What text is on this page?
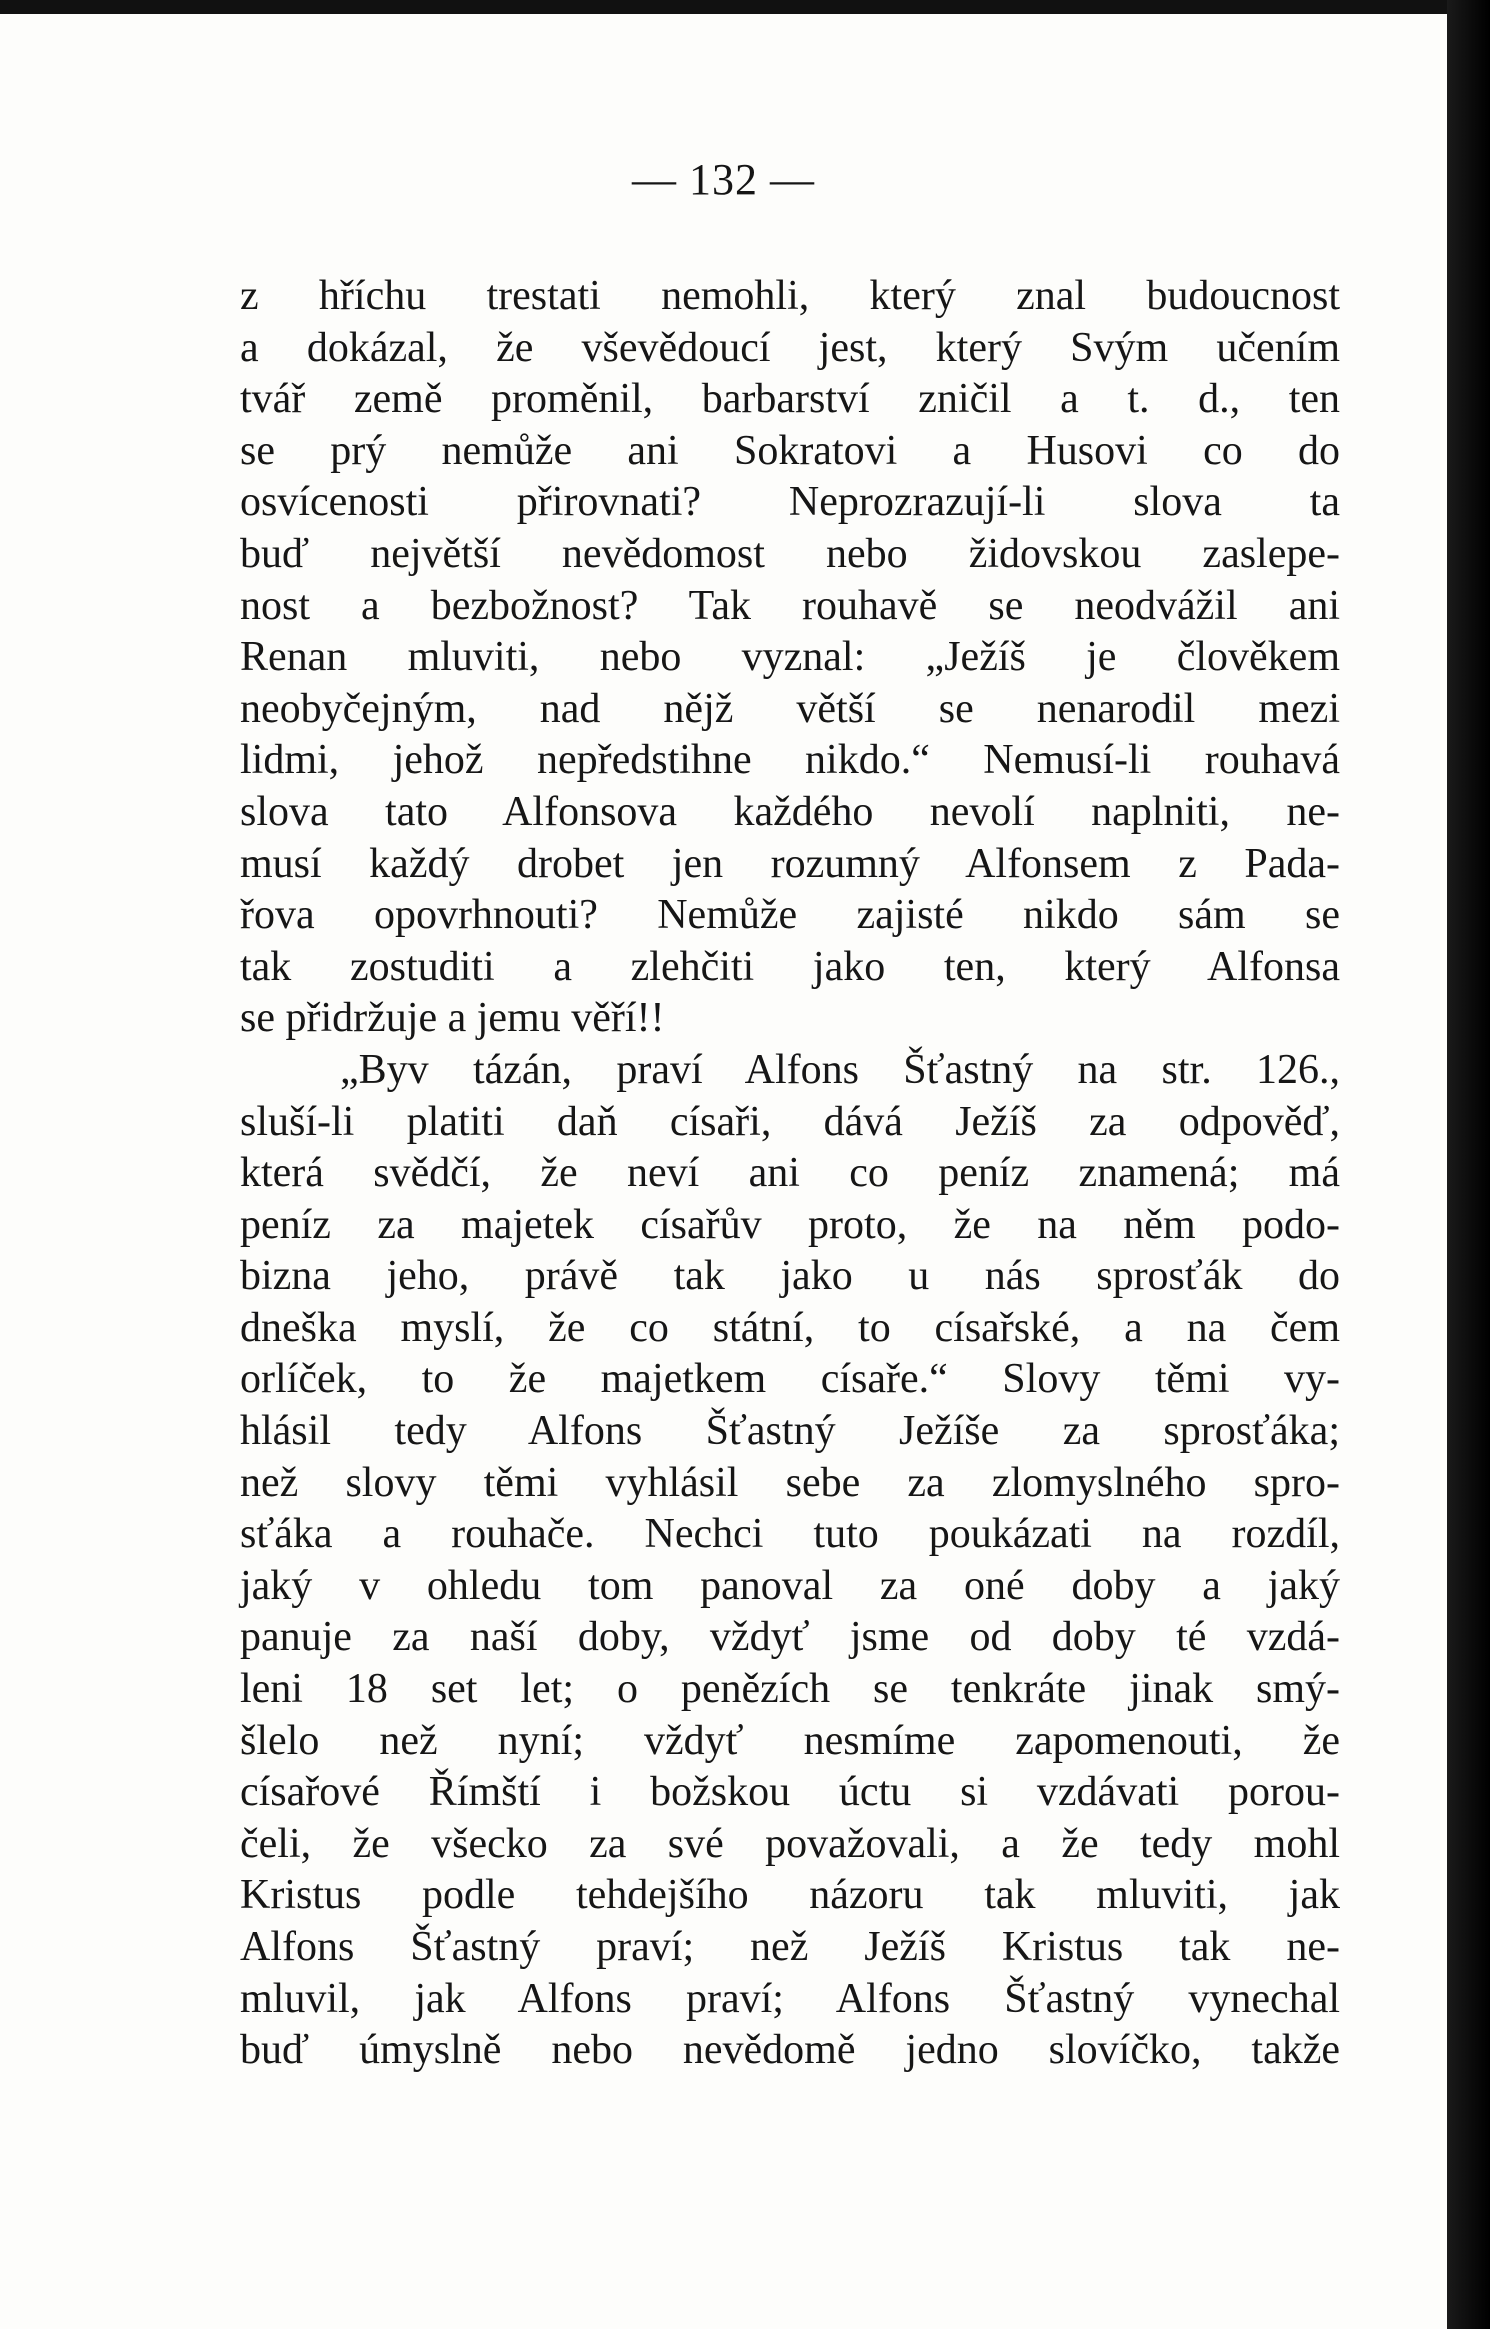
— 132 —
z hříchu trestati nemohli, který znal budoucnost
a dokázal, že vševědoucí jest, který Svým učením
tvář země proměnil, barbarství zničil a t. d., ten
se prý nemůže ani Sokratovi a Husovi co do
osvícenosti přirovnati? Neprozrazují-li slova ta
buď největší nevědomost nebo židovskou zaslepe-
nost a bezbožnost? Tak rouhavě se neodvážil ani
Renan mluviti, nebo vyznal: „Ježíš je člověkem
neobyčejným, nad nějž větší se nenarodil mezi
lidmi, jehož nepředstihne nikdo.“ Nemusí-li rouhavá
slova tato Alfonsova každého nevolí naplniti, ne-
musí každý drobet jen rozumný Alfonsem z Pada-
řova opovrhnouti? Nemůže zajisté nikdo sám se
tak zostuditi a zlehčiti jako ten, který Alfonsa
se přidržuje a jemu věří!!
„Byv tázán, praví Alfons Šťastný na str. 126.,
sluší-li platiti daň císaři, dává Ježíš za odpověď,
která svědčí, že neví ani co peníz znamená; má
peníz za majetek císařův proto, že na něm podo-
bizna jeho, právě tak jako u nás sprosťák do
dneška myslí, že co státní, to císařské, a na čem
orlíček, to že majetkem císaře.“ Slovy těmi vy-
hlásil tedy Alfons Šťastný Ježíše za sprosťáka;
než slovy těmi vyhlásil sebe za zlomyslného spro-
sťáka a rouhače. Nechci tuto poukázati na rozdíl,
jaký v ohledu tom panoval za oné doby a jaký
panuje za naší doby, vždyť jsme od doby té vzdá-
leni 18 set let; o penězích se tenkráte jinak smý-
šlelo než nyní; vždyť nesmíme zapomenouti, že
císařové Římští i božskou úctu si vzdávati porou-
čeli, že všecko za své považovali, a že tedy mohl
Kristus podle tehdejšího názoru tak mluviti, jak
Alfons Šťastný praví; než Ježíš Kristus tak ne-
mluvil, jak Alfons praví; Alfons Šťastný vynechal
buď úmyslně nebo nevědomě jedno slovíčko, takže
